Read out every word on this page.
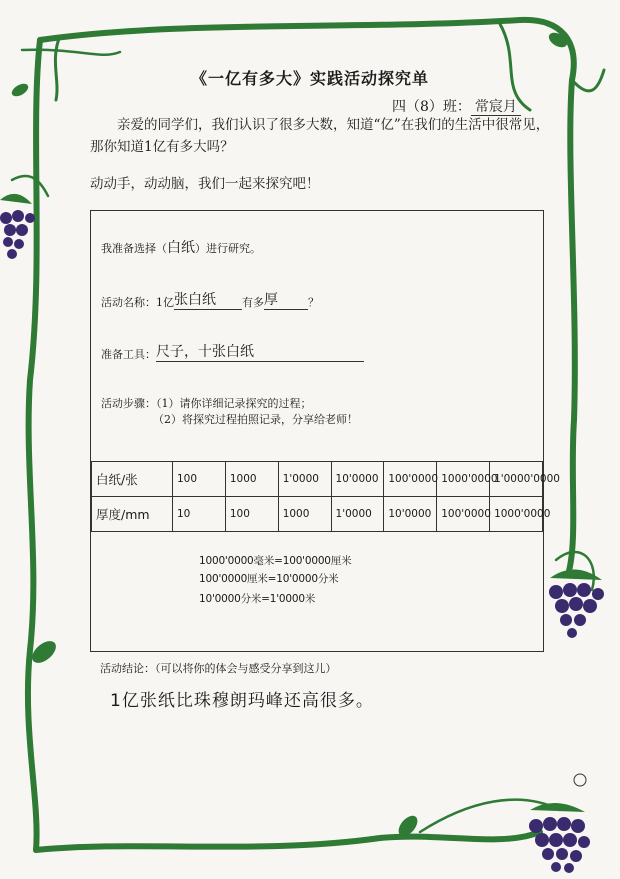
《一亿有多大》实践活动探究单
四（8）班： 常宸月

亲爱的同学们，我们认识了很多大数，知道“亿”在我们的生活中很常见，那你知道1亿有多大吗？

动动手，动动脑，我们一起来探究吧！
我准备选择（白纸）进行研究。
活动名称：1亿张白纸 有多厚	？
准备工具：尺子，十张白纸
活动步骤：（1）请你详细记录探究的过程；
（2）将探究过程拍照记录，分享给老师！
白纸/张	100	1000	1'0000	10'0000	100'0000	1000'0000	1'0000'0000
厚度/mm	10	100	1000	1'0000	10'0000	100'0000	1000'0000
1000'0000毫米=100'0000厘米
100'0000厘米=10'0000分米
10'0000分米=1'0000米
活动结论：（可以将你的体会与感受分享到这儿）
1亿张纸比珠穆朗玛峰还高很多。
